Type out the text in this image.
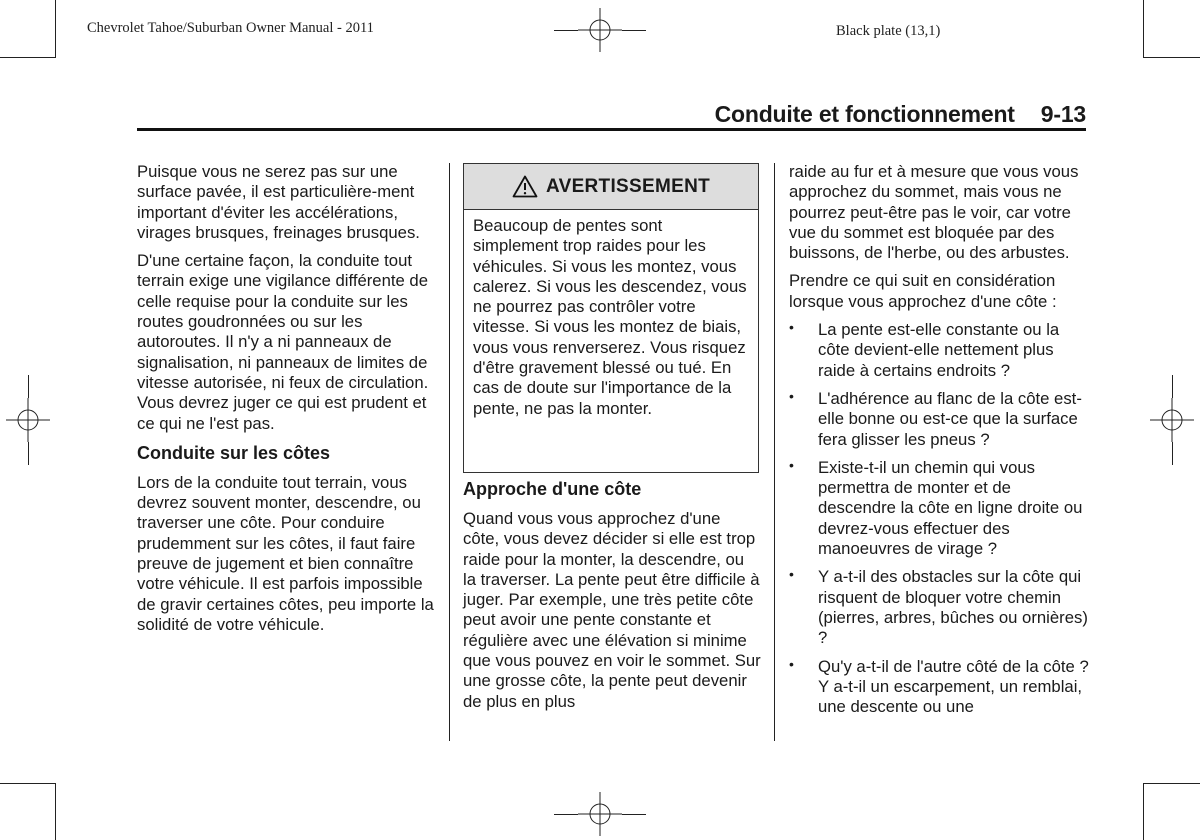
Chevrolet Tahoe/Suburban Owner Manual - 2011	Black plate (13,1)
Conduite et fonctionnement 9-13

Puisque vous ne serez pas sur une surface pavée, il est particulière-ment important d'éviter les accélérations, virages brusques, freinages brusques.

D'une certaine façon, la conduite tout terrain exige une vigilance différente de celle requise pour la conduite sur les routes goudronnées ou sur les autoroutes. Il n'y a ni panneaux de signalisation, ni panneaux de limites de vitesse autorisée, ni feux de circulation. Vous devrez juger ce qui est prudent et ce qui ne l'est pas.

Conduite sur les côtes

Lors de la conduite tout terrain, vous devrez souvent monter, descendre, ou traverser une côte. Pour conduire prudemment sur les côtes, il faut faire preuve de jugement et bien connaître votre véhicule. Il est parfois impossible de gravir certaines côtes, peu importe la solidité de votre véhicule.

AVERTISSEMENT
Beaucoup de pentes sont simplement trop raides pour les véhicules. Si vous les montez, vous calerez. Si vous les descendez, vous ne pourrez pas contrôler votre vitesse. Si vous les montez de biais, vous vous renverserez. Vous risquez d'être gravement blessé ou tué. En cas de doute sur l'importance de la pente, ne pas la monter.
Approche d'une côte

Quand vous vous approchez d'une côte, vous devez décider si elle est trop raide pour la monter, la descendre, ou la traverser. La pente peut être difficile à juger. Par exemple, une très petite côte peut avoir une pente constante et régulière avec une élévation si minime que vous pouvez en voir le sommet. Sur une grosse côte, la pente peut devenir de plus en plus

raide au fur et à mesure que vous vous approchez du sommet, mais vous ne pourrez peut-être pas le voir, car votre vue du sommet est bloquée par des buissons, de l'herbe, ou des arbustes.

Prendre ce qui suit en considération lorsque vous approchez d'une côte :

• La pente est-elle constante ou la côte devient-elle nettement plus raide à certains endroits ?
• L'adhérence au flanc de la côte est-elle bonne ou est-ce que la surface fera glisser les pneus ?
• Existe-t-il un chemin qui vous permettra de monter et de descendre la côte en ligne droite ou devrez-vous effectuer des manoeuvres de virage ?
• Y a-t-il des obstacles sur la côte qui risquent de bloquer votre chemin (pierres, arbres, bûches ou ornières) ?
• Qu'y a-t-il de l'autre côté de la côte ? Y a-t-il un escarpement, un remblai, une descente ou une
